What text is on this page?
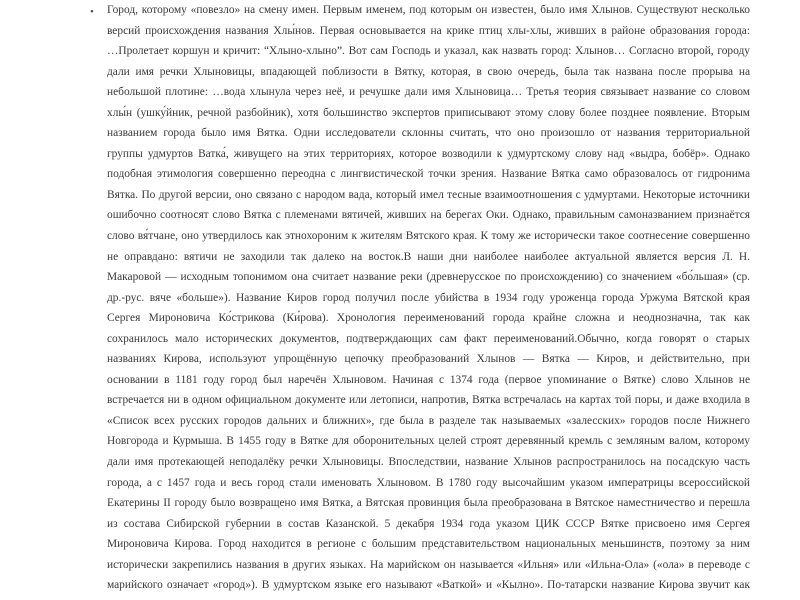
• Город, которому «повезло» на смену имен. Первым именем, под которым он известен, было имя Хлынов. Существуют несколько
версий происхождения названия Хлы́нов. Первая основывается на крике птиц хлы-хлы, живших в районе образования города:
…Пролетает коршун и кричит: “Хлыно-хлыно”. Вот сам Господь и указал, как назвать город: Хлынов… Согласно второй, городу
дали имя речки Хлыновицы, впадающей поблизости в Вятку, которая, в свою очередь, была так названа после прорыва на
небольшой плотине: …вода хлынула через неё, и речушке дали имя Хлыновица… Третья теория связывает название со словом
хлы́н (ушку́йник, речной разбойник), хотя большинство экспертов приписывают этому слову более позднее появление. Вторым
названием города было имя Вятка. Одни исследователи склонны считать, что оно произошло от названия территориальной
группы удмуртов Ватка́, живущего на этих территориях, которое возводили к удмуртскому слову над «выдра, бобёр». Однако
подобная этимология совершенно переодна с лингвистической точки зрения. Название Вятка само образовалось от гидронима
Вятка. По другой версии, оно связано с народом вада, который имел тесные взаимоотношения с удмуртами. Некоторые источники
ошибочно соотносят слово Вятка с племенами вятичей, живших на берегах Оки. Однако, правильным самоназванием признаётся
слово вя́тчане, оно утвердилось как этнохороним к жителям Вятского края. К тому же исторически такое соотнесение совершенно
не оправдано: вятичи не заходили так далеко на восток.В наши дни наиболее наиболее актуальной является версия Л. Н.
Макаровой — исходным топонимом она считает название реки (древнерусское по происхождению) со значением «бо́льшая» (ср.
др.-рус. вяче «больше»). Название Киров город получил после убийства в 1934 году уроженца города Уржума Вятской края
Сергея Мироновича Ко́стрикова (Ки́рова). Хронология переименований города крайне сложна и неоднозначна, так как
сохранилось мало исторических документов, подтверждающих сам факт переименований.Обычно, когда говорят о старых
названиях Кирова, используют упрощённую цепочку преобразований Хлынов — Вятка — Киров, и действительно, при
основании в 1181 году город был наречён Хлыновом. Начиная с 1374 года (первое упоминание о Вятке) слово Хлынов не
встречается ни в одном официальном документе или летописи, напротив, Вятка встречалась на картах той поры, и даже входила в
«Список всех русских городов дальних и ближних», где была в разделе так называемых «залесских» городов после Нижнего
Новгорода и Курмыша. В 1455 году в Вятке для оборонительных целей строят деревянный кремль с земляным валом, которому
дали имя протекающей неподалёку речки Хлыновицы. Впоследствии, название Хлынов распространилось на посадскую часть
города, а с 1457 года и весь город стали именовать Хлыновом. В 1780 году высочайшим указом императрицы всероссийской
Екатерины II городу было возвращено имя Вятка, а Вятская провинция была преобразована в Вятское наместничество и перешла
из состава Сибирской губернии в состав Казанской. 5 декабря 1934 года указом ЦИК СССР Вятке присвоено имя Сергея
Мироновича Кирова. Город находится в регионе с большим представительством национальных меньшинств, поэтому за ним
исторически закрепились названия в других языках. На марийском он называется «Ильня» или «Ильна-Ола» («ола» в переводе с
марийского означает «город»). В удмуртском языке его называют «Ваткой» и «Кылно». По-татарски название Кирова звучит как
